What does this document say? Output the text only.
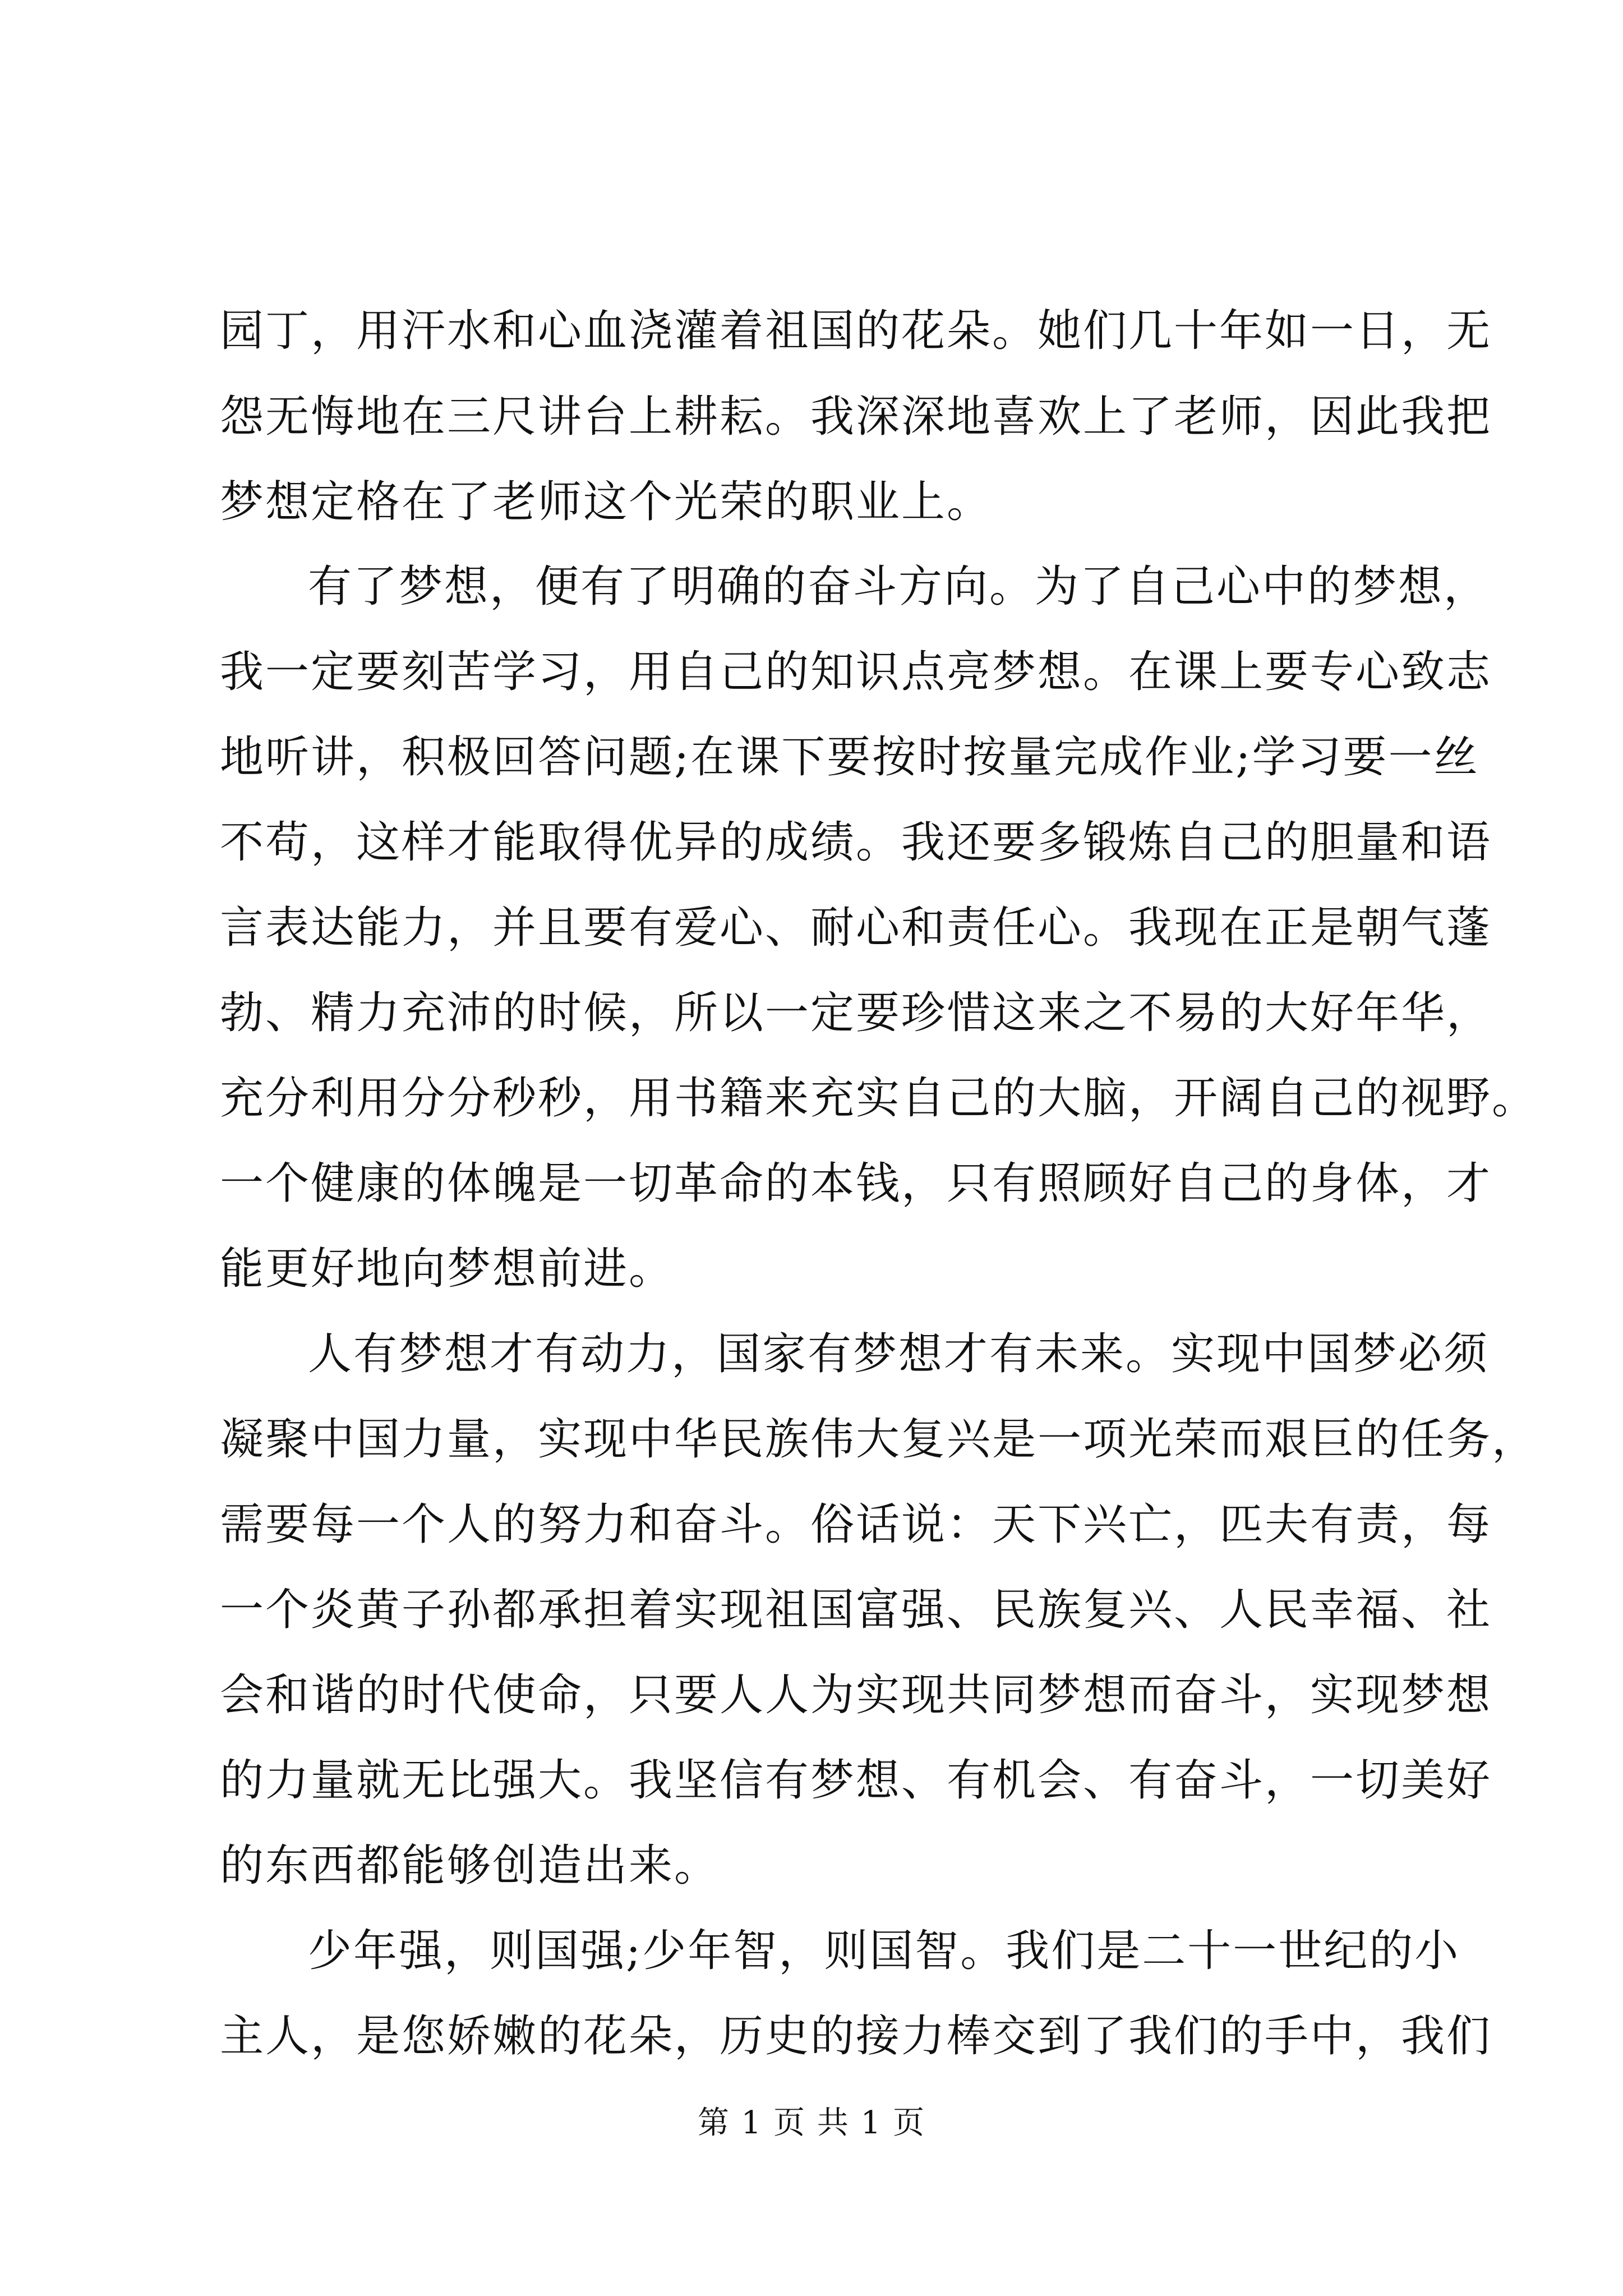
园丁，用汗水和心血浇灌着祖国的花朵。她们几十年如一日，无
怨无悔地在三尺讲台上耕耘。我深深地喜欢上了老师，因此我把
梦想定格在了老师这个光荣的职业上。
有了梦想，便有了明确的奋斗方向。为了自己心中的梦想，
我一定要刻苦学习，用自己的知识点亮梦想。在课上要专心致志
地听讲，积极回答问题;在课下要按时按量完成作业;学习要一丝
不苟，这样才能取得优异的成绩。我还要多锻炼自己的胆量和语
言表达能力，并且要有爱心、耐心和责任心。我现在正是朝气蓬
勃、精力充沛的时候，所以一定要珍惜这来之不易的大好年华，
充分利用分分秒秒，用书籍来充实自己的大脑，开阔自己的视野。
一个健康的体魄是一切革命的本钱，只有照顾好自己的身体，才
能更好地向梦想前进。
人有梦想才有动力，国家有梦想才有未来。实现中国梦必须
凝聚中国力量，实现中华民族伟大复兴是一项光荣而艰巨的任务，
需要每一个人的努力和奋斗。俗话说：天下兴亡，匹夫有责，每
一个炎黄子孙都承担着实现祖国富强、民族复兴、人民幸福、社
会和谐的时代使命，只要人人为实现共同梦想而奋斗，实现梦想
的力量就无比强大。我坚信有梦想、有机会、有奋斗，一切美好
的东西都能够创造出来。
少年强，则国强;少年智，则国智。我们是二十一世纪的小
主人，是您娇嫩的花朵，历史的接力棒交到了我们的手中，我们
第 1 页 共 1 页
